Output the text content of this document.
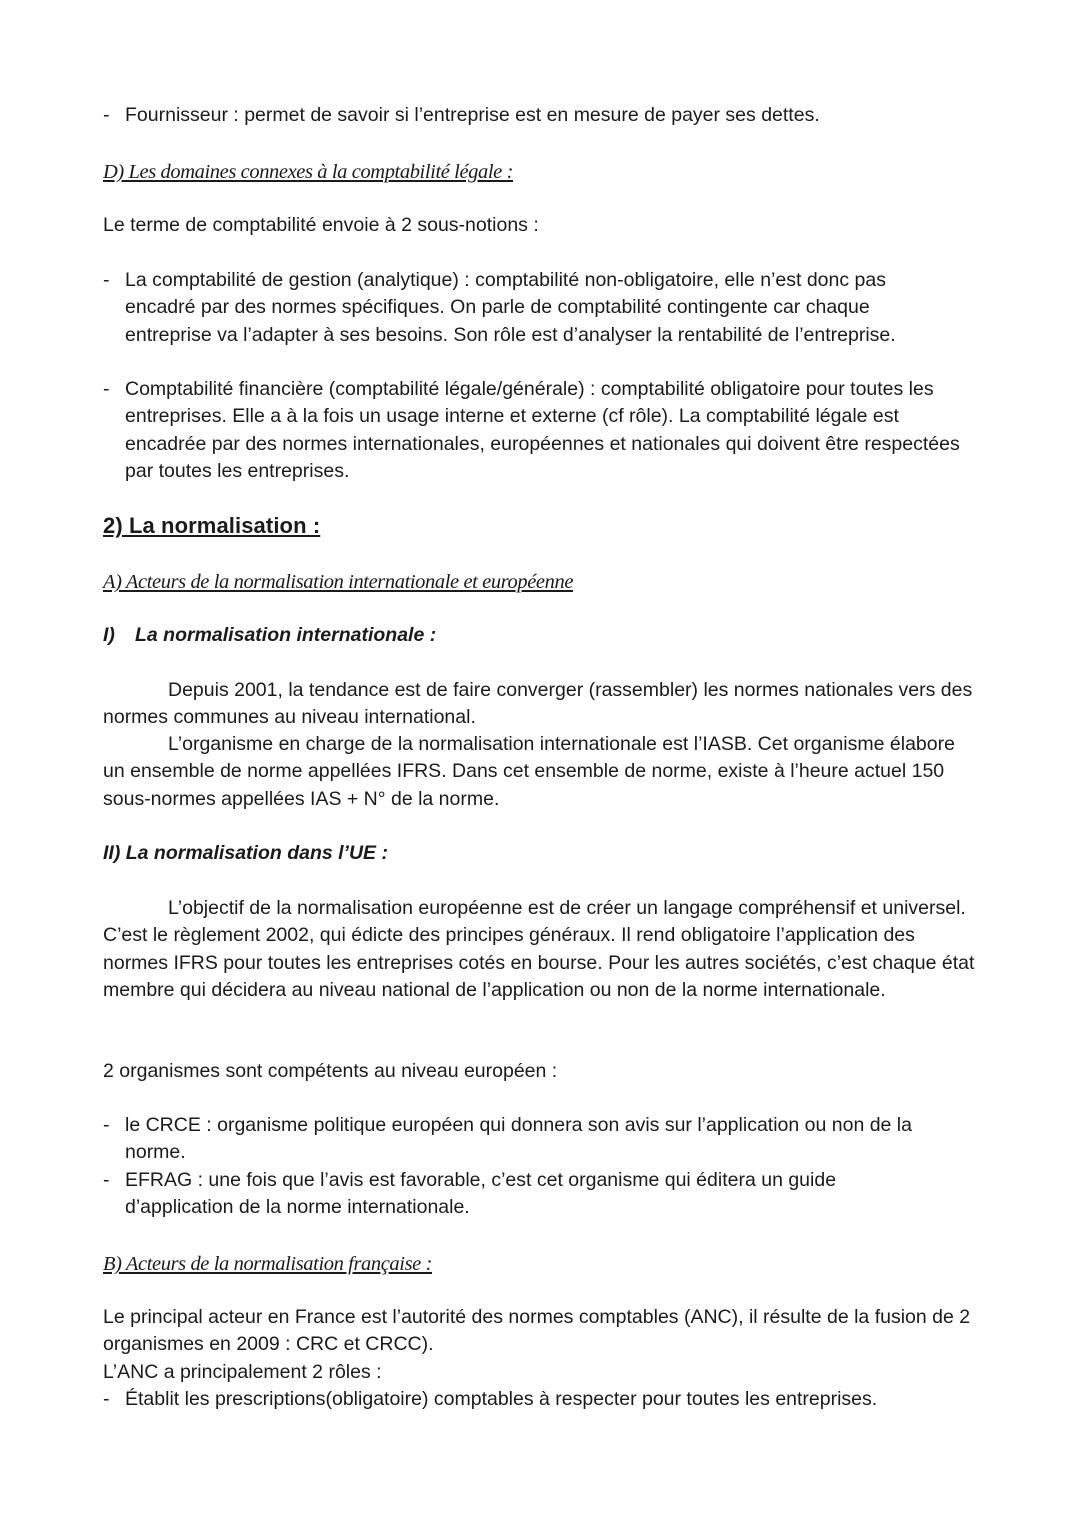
- Fournisseur : permet de savoir si l’entreprise est en mesure de payer ses dettes.
D) Les domaines connexes à la comptabilité légale :
Le terme de comptabilité envoie à 2 sous-notions :
- La comptabilité de gestion (analytique) : comptabilité non-obligatoire, elle n’est donc pas encadré par des normes spécifiques. On parle de comptabilité contingente car chaque entreprise va l’adapter à ses besoins. Son rôle est d’analyser la rentabilité de l’entreprise.
- Comptabilité financière (comptabilité légale/générale) : comptabilité obligatoire pour toutes les entreprises. Elle a à la fois un usage interne et externe (cf rôle). La comptabilité légale est encadrée par des normes internationales, européennes et nationales qui doivent être respectées par toutes les entreprises.
2) La normalisation :
A) Acteurs de la normalisation internationale et européenne
I) La normalisation internationale :
Depuis 2001, la tendance est de faire converger (rassembler) les normes nationales vers des normes communes au niveau international.
L’organisme en charge de la normalisation internationale est l’IASB. Cet organisme élabore un ensemble de norme appellées IFRS. Dans cet ensemble de norme, existe à l’heure actuel 150 sous-normes appellées IAS + N° de la norme.
II) La normalisation dans l’UE :
L’objectif de la normalisation européenne est de créer un langage compréhensif et universel. C’est le règlement 2002, qui édicte des principes généraux. Il rend obligatoire l’application des normes IFRS pour toutes les entreprises cotés en bourse. Pour les autres sociétés, c’est chaque état membre qui décidera au niveau national de l’application ou non de la norme internationale.
2 organismes sont compétents au niveau européen :
- le CRCE : organisme politique européen qui donnera son avis sur l’application ou non de la norme.
- EFRAG : une fois que l’avis est favorable, c’est cet organisme qui éditera un guide d’application de la norme internationale.
B) Acteurs de la normalisation française :
Le principal acteur en France est l’autorité des normes comptables (ANC), il résulte de la fusion de 2 organismes en 2009 : CRC et CRCC).
L’ANC a principalement 2 rôles :
- Établit les prescriptions(obligatoire) comptables à respecter pour toutes les entreprises.
